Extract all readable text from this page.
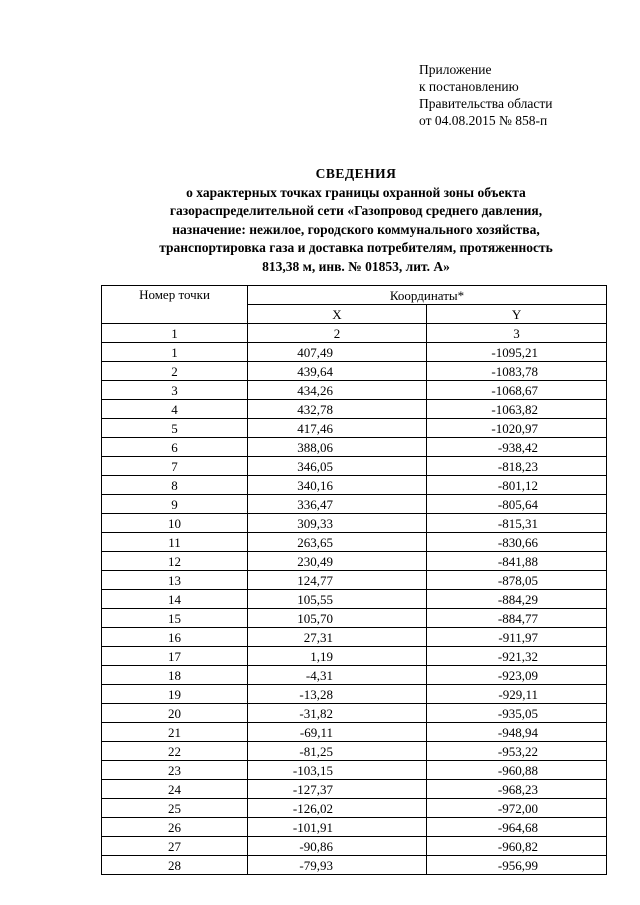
Приложение
к постановлению
Правительства области
от 04.08.2015 № 858-п
СВЕДЕНИЯ
о характерных точках границы охранной зоны объекта
газораспределительной сети «Газопровод среднего давления,
назначение: нежилое, городского коммунального хозяйства,
транспортировка газа и доставка потребителям, протяженность
813,38 м, инв. № 01853, лит. А»
Номер точки	Координаты*	
	X	Y
1	2	3
1	407,49	-1095,21
2	439,64	-1083,78
3	434,26	-1068,67
4	432,78	-1063,82
5	417,46	-1020,97
6	388,06	-938,42
7	346,05	-818,23
8	340,16	-801,12
9	336,47	-805,64
10	309,33	-815,31
11	263,65	-830,66
12	230,49	-841,88
13	124,77	-878,05
14	105,55	-884,29
15	105,70	-884,77
16	27,31	-911,97
17	1,19	-921,32
18	-4,31	-923,09
19	-13,28	-929,11
20	-31,82	-935,05
21	-69,11	-948,94
22	-81,25	-953,22
23	-103,15	-960,88
24	-127,37	-968,23
25	-126,02	-972,00
26	-101,91	-964,68
27	-90,86	-960,82
28	-79,93	-956,99
